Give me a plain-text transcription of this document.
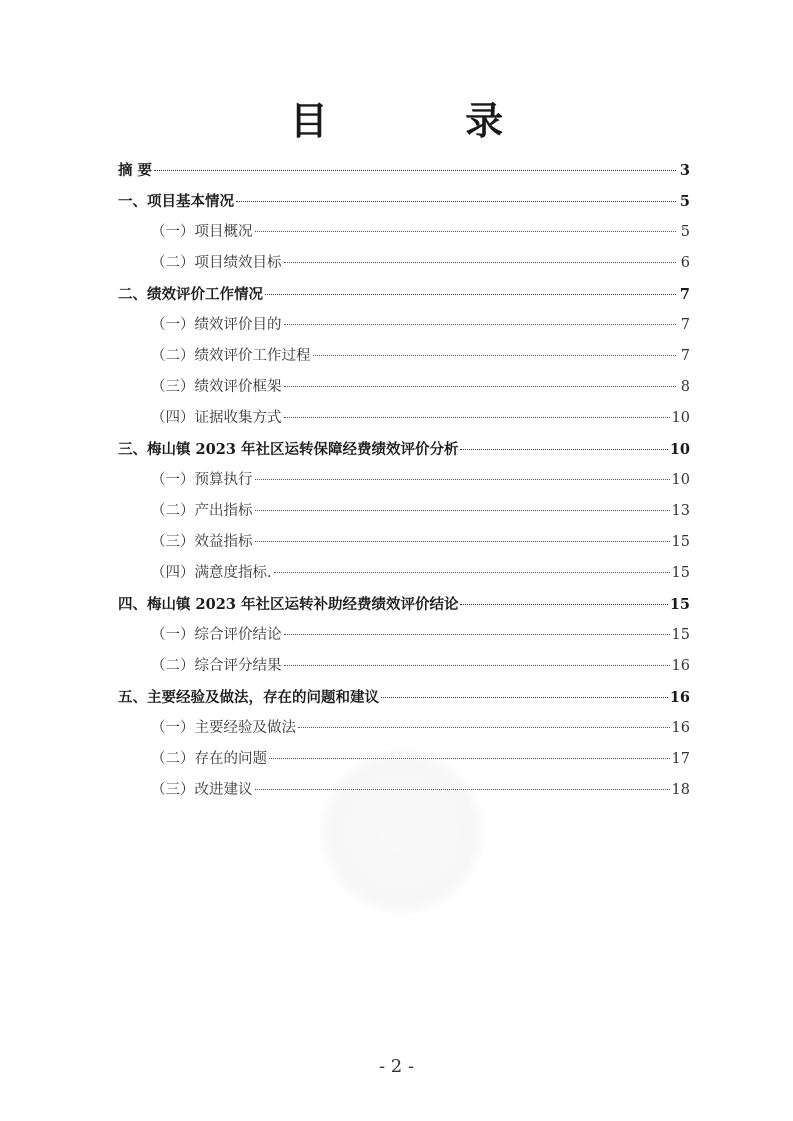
目 录
摘 要	3
一、项目基本情况	5
（一）项目概况	5
（二）项目绩效目标	6
二、绩效评价工作情况	7
（一）绩效评价目的	7
（二）绩效评价工作过程	7
（三）绩效评价框架	8
（四）证据收集方式	10
三、梅山镇 2023 年社区运转保障经费绩效评价分析	10
（一）预算执行	10
（二）产出指标	13
（三）效益指标	15
（四）满意度指标.	15
四、梅山镇 2023 年社区运转补助经费绩效评价结论	15
（一）综合评价结论	15
（二）综合评分结果	16
五、主要经验及做法，存在的问题和建议	16
（一）主要经验及做法	16
（二）存在的问题	17
（三）改进建议	18
- 2 -
